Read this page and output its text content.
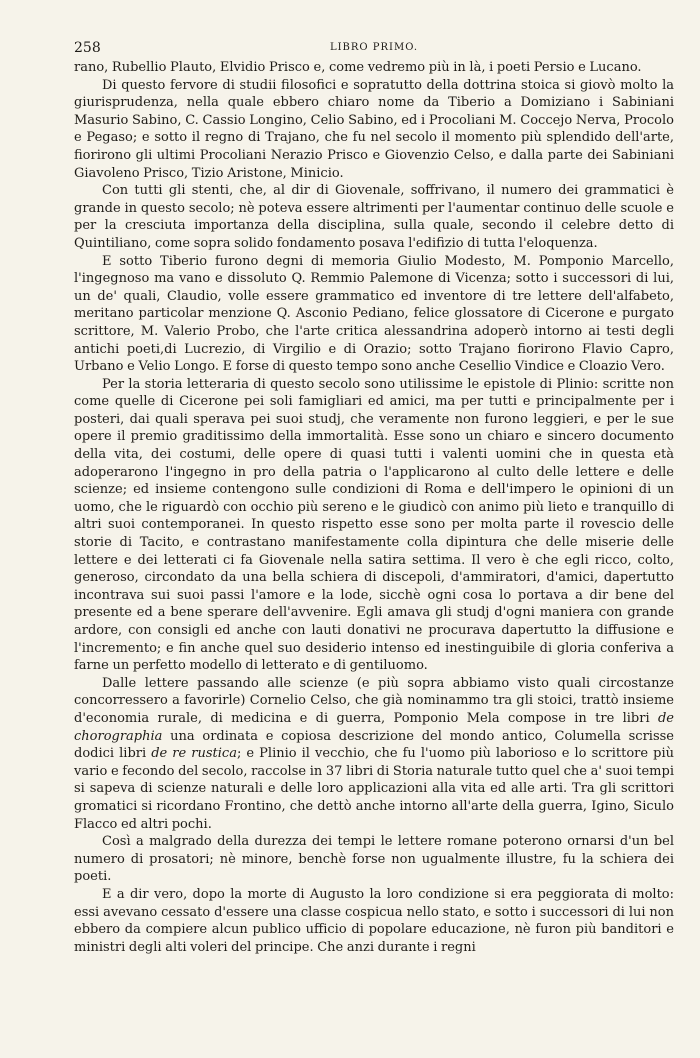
258	LIBRO PRIMO.

rano, Rubellio Plauto, Elvidio Prisco e, come vedremo più in là, i poeti Persio e Lucano.

Di questo fervore di studii filosofici e sopratutto della dottrina stoica si giovò molto la giurisprudenza, nella quale ebbero chiaro nome da Tiberio a Domiziano i Sabiniani Masurio Sabino, C. Cassio Longino, Celio Sabino, ed i Procoliani M. Coccejo Nerva, Procolo e Pegaso; e sotto il regno di Trajano, che fu nel secolo il momento più splendido dell'arte, fiorirono gli ultimi Procoliani Nerazio Prisco e Giovenzio Celso, e dalla parte dei Sabiniani Giavoleno Prisco, Tizio Aristone, Minicio.

Con tutti gli stenti, che, al dir di Giovenale, soffrivano, il numero dei grammatici è grande in questo secolo; nè poteva essere altrimenti per l'aumentar continuo delle scuole e per la cresciuta importanza della disciplina, sulla quale, secondo il celebre detto di Quintiliano, come sopra solido fondamento posava l'edifizio di tutta l'eloquenza.

E sotto Tiberio furono degni di memoria Giulio Modesto, M. Pomponio Marcello, l'ingegnoso ma vano e dissoluto Q. Remmio Palemone di Vicenza; sotto i successori di lui, un de' quali, Claudio, volle essere grammatico ed inventore di tre lettere dell'alfabeto, meritano particolar menzione Q. Asconio Pediano, felice glossatore di Cicerone e purgato scrittore, M. Valerio Probo, che l'arte critica alessandrina adoperò intorno ai testi degli antichi poeti,di Lucrezio, di Virgilio e di Orazio; sotto Trajano fiorirono Flavio Capro, Urbano e Velio Longo. E forse di questo tempo sono anche Cesellio Vindice e Cloazio Vero.

Per la storia letteraria di questo secolo sono utilissime le epistole di Plinio: scritte non come quelle di Cicerone pei soli famigliari ed amici, ma per tutti e principalmente per i posteri, dai quali sperava pei suoi studj, che veramente non furono leggieri, e per le sue opere il premio graditissimo della immortalità. Esse sono un chiaro e sincero documento della vita, dei costumi, delle opere di quasi tutti i valenti uomini che in questa età adoperarono l'ingegno in pro della patria o l'applicarono al culto delle lettere e delle scienze; ed insieme contengono sulle condizioni di Roma e dell'impero le opinioni di un uomo, che le riguardò con occhio più sereno e le giudicò con animo più lieto e tranquillo di altri suoi contemporanei. In questo rispetto esse sono per molta parte il rovescio delle storie di Tacito, e contrastano manifestamente colla dipintura che delle miserie delle lettere e dei letterati ci fa Giovenale nella satira settima. Il vero è che egli ricco, colto, generoso, circondato da una bella schiera di discepoli, d'ammiratori, d'amici, dapertutto incontrava sui suoi passi l'amore e la lode, sicchè ogni cosa lo portava a dir bene del presente ed a bene sperare dell'avvenire. Egli amava gli studj d'ogni maniera con grande ardore, con consigli ed anche con lauti donativi ne procurava dapertutto la diffusione e l'incremento; e fin anche quel suo desiderio intenso ed inestinguibile di gloria conferiva a farne un perfetto modello di letterato e di gentiluomo.

Dalle lettere passando alle scienze (e più sopra abbiamo visto quali circostanze concorressero a favorirle) Cornelio Celso, che già nominammo tra gli stoici, trattò insieme d'economia rurale, di medicina e di guerra, Pomponio Mela compose in tre libri de chorographia una ordinata e copiosa descrizione del mondo antico, Columella scrisse dodici libri de re rustica; e Plinio il vecchio, che fu l'uomo più laborioso e lo scrittore più vario e fecondo del secolo, raccolse in 37 libri di Storia naturale tutto quel che a' suoi tempi si sapeva di scienze naturali e delle loro applicazioni alla vita ed alle arti. Tra gli scrittori gromatici si ricordano Frontino, che dettò anche intorno all'arte della guerra, Igino, Siculo Flacco ed altri pochi.

Così a malgrado della durezza dei tempi le lettere romane poterono ornarsi d'un bel numero di prosatori; nè minore, benchè forse non ugualmente illustre, fu la schiera dei poeti.

E a dir vero, dopo la morte di Augusto la loro condizione si era peggiorata di molto: essi avevano cessato d'essere una classe cospicua nello stato, e sotto i successori di lui non ebbero da compiere alcun publico ufficio di popolare educazione, nè furon più banditori e ministri degli alti voleri del principe. Che anzi durante i regni
